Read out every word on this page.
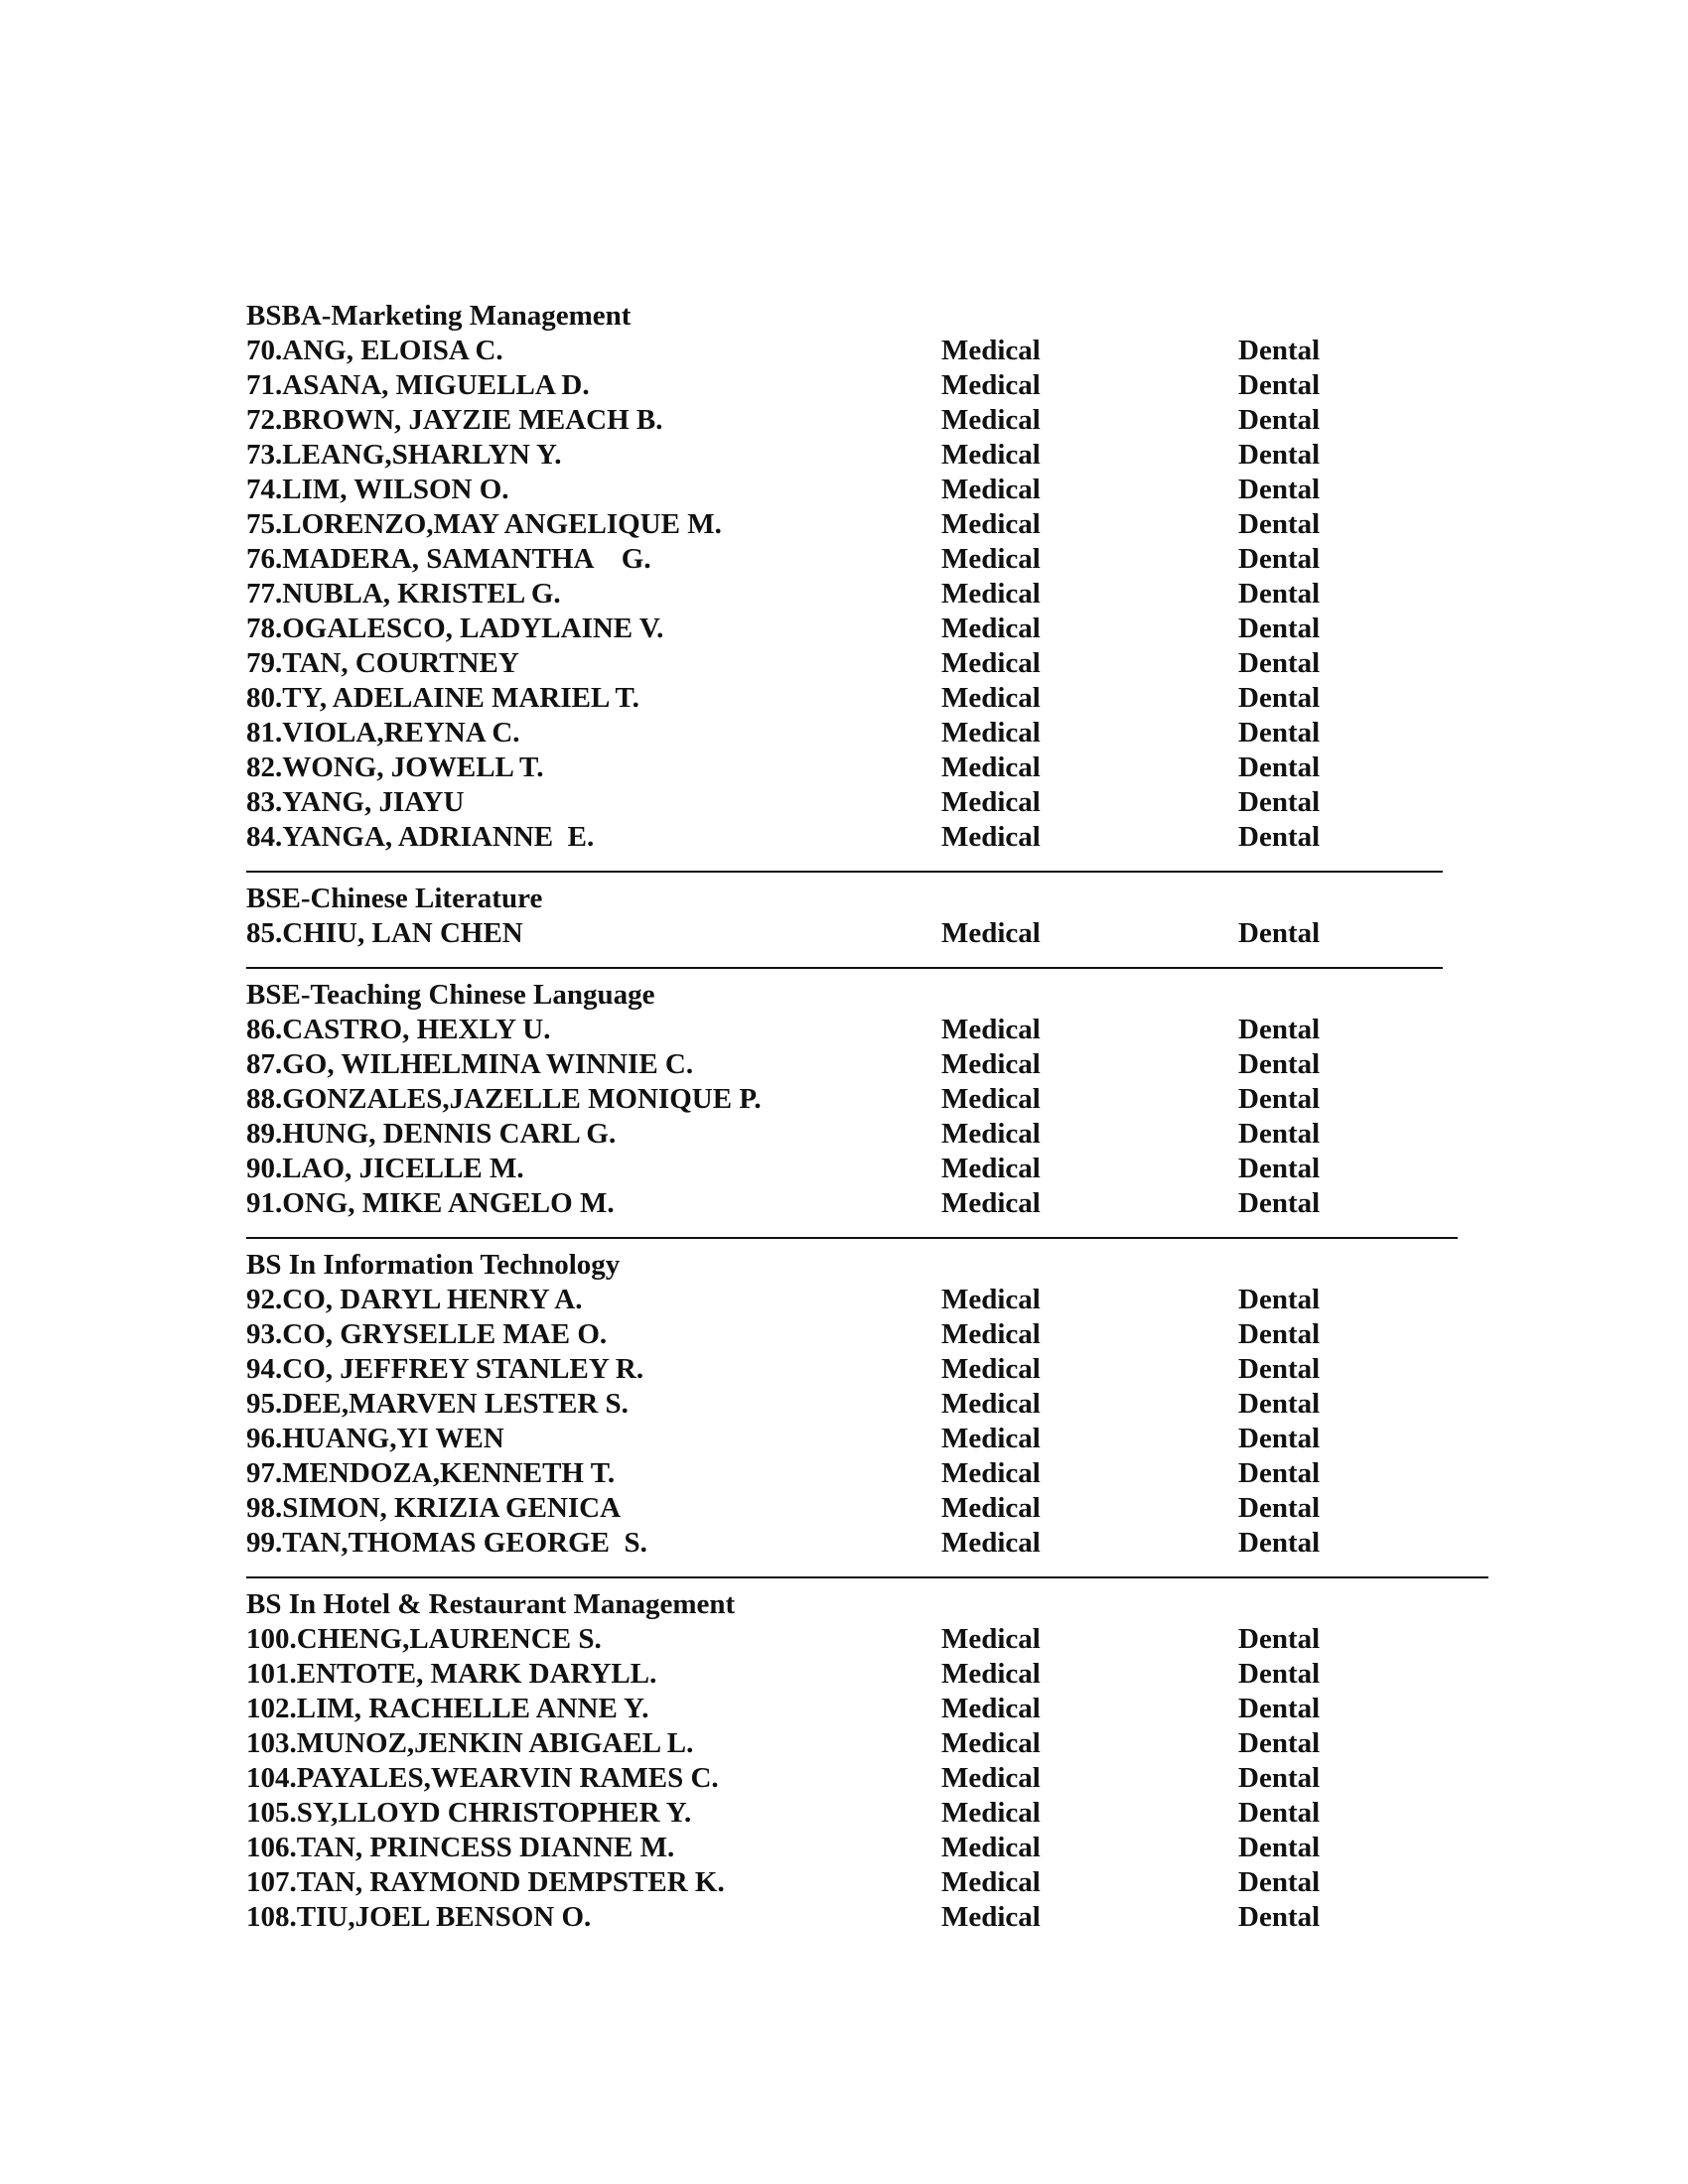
BSBA-Marketing Management
70.ANG, ELOISA C.	Medical	Dental
71.ASANA, MIGUELLA D.	Medical	Dental
72.BROWN, JAYZIE MEACH B.	Medical	Dental
73.LEANG,SHARLYN Y.	Medical	Dental
74.LIM, WILSON O.	Medical	Dental
75.LORENZO,MAY ANGELIQUE M.	Medical	Dental
76.MADERA, SAMANTHA    G.	Medical	Dental
77.NUBLA, KRISTEL G.	Medical	Dental
78.OGALESCO, LADYLAINE V.	Medical	Dental
79.TAN, COURTNEY	Medical	Dental
80.TY, ADELAINE MARIEL T.	Medical	Dental
81.VIOLA,REYNA C.	Medical	Dental
82.WONG, JOWELL T.	Medical	Dental
83.YANG, JIAYU	Medical	Dental
84.YANGA, ADRIANNE  E.	Medical	Dental
BSE-Chinese Literature
85.CHIU, LAN CHEN	Medical	Dental
BSE-Teaching Chinese Language
86.CASTRO, HEXLY U.	Medical	Dental
87.GO, WILHELMINA WINNIE C.	Medical	Dental
88.GONZALES,JAZELLE MONIQUE P.	Medical	Dental
89.HUNG, DENNIS CARL G.	Medical	Dental
90.LAO, JICELLE M.	Medical	Dental
91.ONG, MIKE ANGELO M.	Medical	Dental
BS In Information Technology
92.CO, DARYL HENRY A.	Medical	Dental
93.CO, GRYSELLE MAE O.	Medical	Dental
94.CO, JEFFREY STANLEY R.	Medical	Dental
95.DEE,MARVEN LESTER S.	Medical	Dental
96.HUANG,YI WEN	Medical	Dental
97.MENDOZA,KENNETH T.	Medical	Dental
98.SIMON, KRIZIA GENICA	Medical	Dental
99.TAN,THOMAS GEORGE  S.	Medical	Dental
BS In Hotel & Restaurant Management
100.CHENG,LAURENCE S.	Medical	Dental
101.ENTOTE, MARK DARYLL.	Medical	Dental
102.LIM, RACHELLE ANNE Y.	Medical	Dental
103.MUNOZ,JENKIN ABIGAEL L.	Medical	Dental
104.PAYALES,WEARVIN RAMES C.	Medical	Dental
105.SY,LLOYD CHRISTOPHER Y.	Medical	Dental
106.TAN, PRINCESS DIANNE M.	Medical	Dental
107.TAN, RAYMOND DEMPSTER K.	Medical	Dental
108.TIU,JOEL BENSON O.	Medical	Dental
